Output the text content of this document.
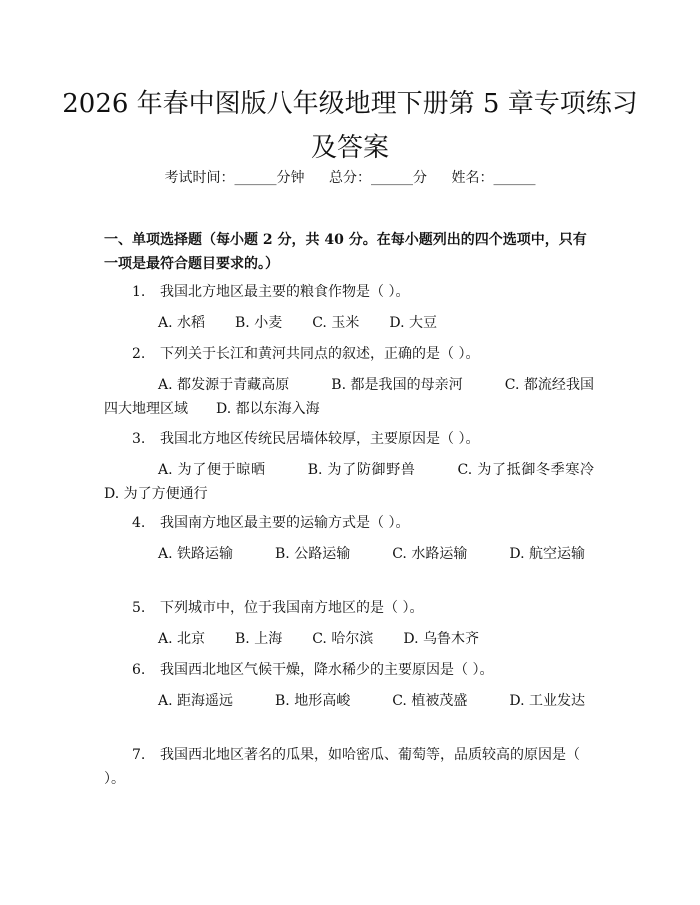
2026 年春中图版八年级地理下册第 5 章专项练习及答案
考试时间：______分钟 总分：______分 姓名：______

一、单项选择题（每小题 2 分，共 40 分。在每小题列出的四个选项中，只有一项是最符合题目要求的。）

1. 我国北方地区最主要的粮食作物是（ ）。

A. 水稻 B. 小麦 C. 玉米 D. 大豆

2. 下列关于长江和黄河共同点的叙述，正确的是（ ）。

A. 都发源于青藏高原   	B. 都是我国的母亲河   	C. 都流经我国四大地理区域   D. 都以东海入海

3. 我国北方地区传统民居墙体较厚，主要原因是（ ）。

A. 为了便于晾晒   	B. 为了防御野兽   	C. 为了抵御冬季寒冷 D. 为了方便通行

4. 我国南方地区最主要的运输方式是（ ）。

A. 铁路运输   	B. 公路运输   	C. 水路运输   	D. 航空运输

5. 下列城市中，位于我国南方地区的是（ ）。

A. 北京 B. 上海 C. 哈尔滨 D. 乌鲁木齐

6. 我国西北地区气候干燥，降水稀少的主要原因是（ ）。

A. 距海遥远   	B. 地形高峻   	C. 植被茂盛   	D. 工业发达

7. 我国西北地区著名的瓜果，如哈密瓜、葡萄等，品质较高的原因是（ ）。
